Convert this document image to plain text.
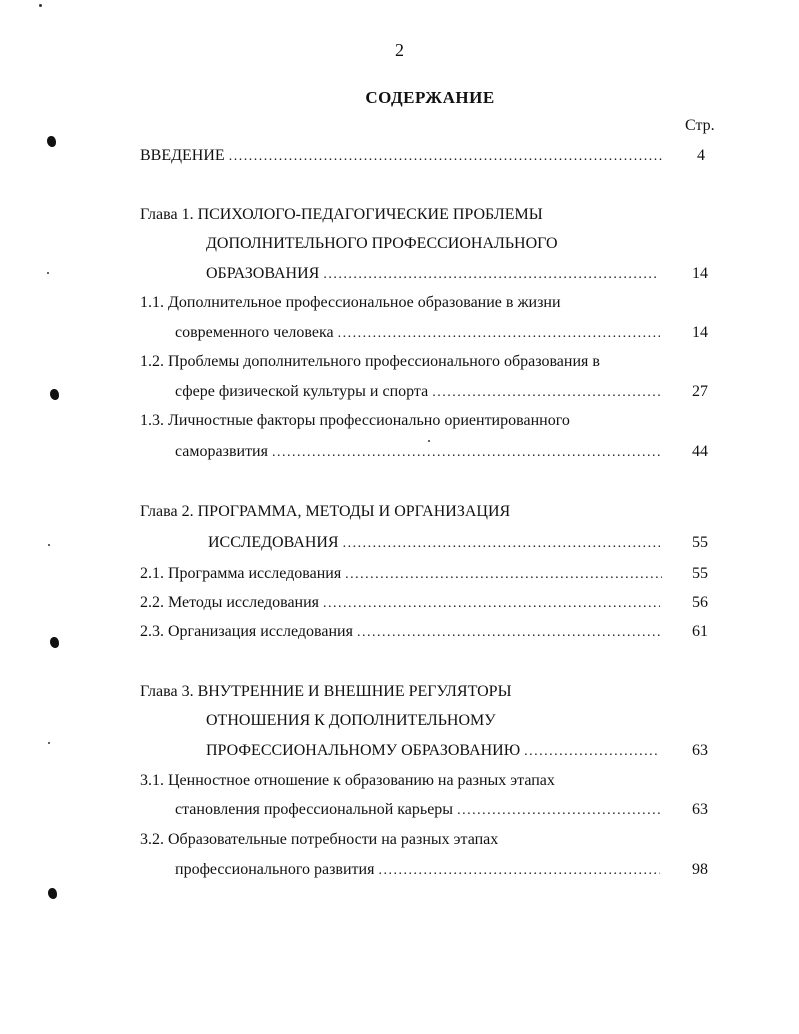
2
СОДЕРЖАНИЕ
Стр.
ВВЕДЕНИЕ .....	4
Глава 1. ПСИХОЛОГО-ПЕДАГОГИЧЕСКИЕ ПРОБЛЕМЫ
ДОПОЛНИТЕЛЬНОГО ПРОФЕССИОНАЛЬНОГО
ОБРАЗОВАНИЯ .....	14
1.1. Дополнительное профессиональное образование в жизни
современного человека .....	14
1.2. Проблемы дополнительного профессионального образования в
сфере физической культуры и спорта .....	27
1.3. Личностные факторы профессионально ориентированного
саморазвития .....	44
Глава 2. ПРОГРАММА, МЕТОДЫ И ОРГАНИЗАЦИЯ
ИССЛЕДОВАНИЯ .....	55
2.1. Программа исследования .....	55
2.2. Методы исследования .....	56
2.3. Организация исследования .....	61
Глава 3. ВНУТРЕННИЕ И ВНЕШНИЕ РЕГУЛЯТОРЫ
ОТНОШЕНИЯ К ДОПОЛНИТЕЛЬНОМУ
ПРОФЕССИОНАЛЬНОМУ ОБРАЗОВАНИЮ .....	63
3.1. Ценностное отношение к образованию на разных этапах
становления профессиональной карьеры .....	63
3.2. Образовательные потребности на разных этапах
профессионального развития .....	98
